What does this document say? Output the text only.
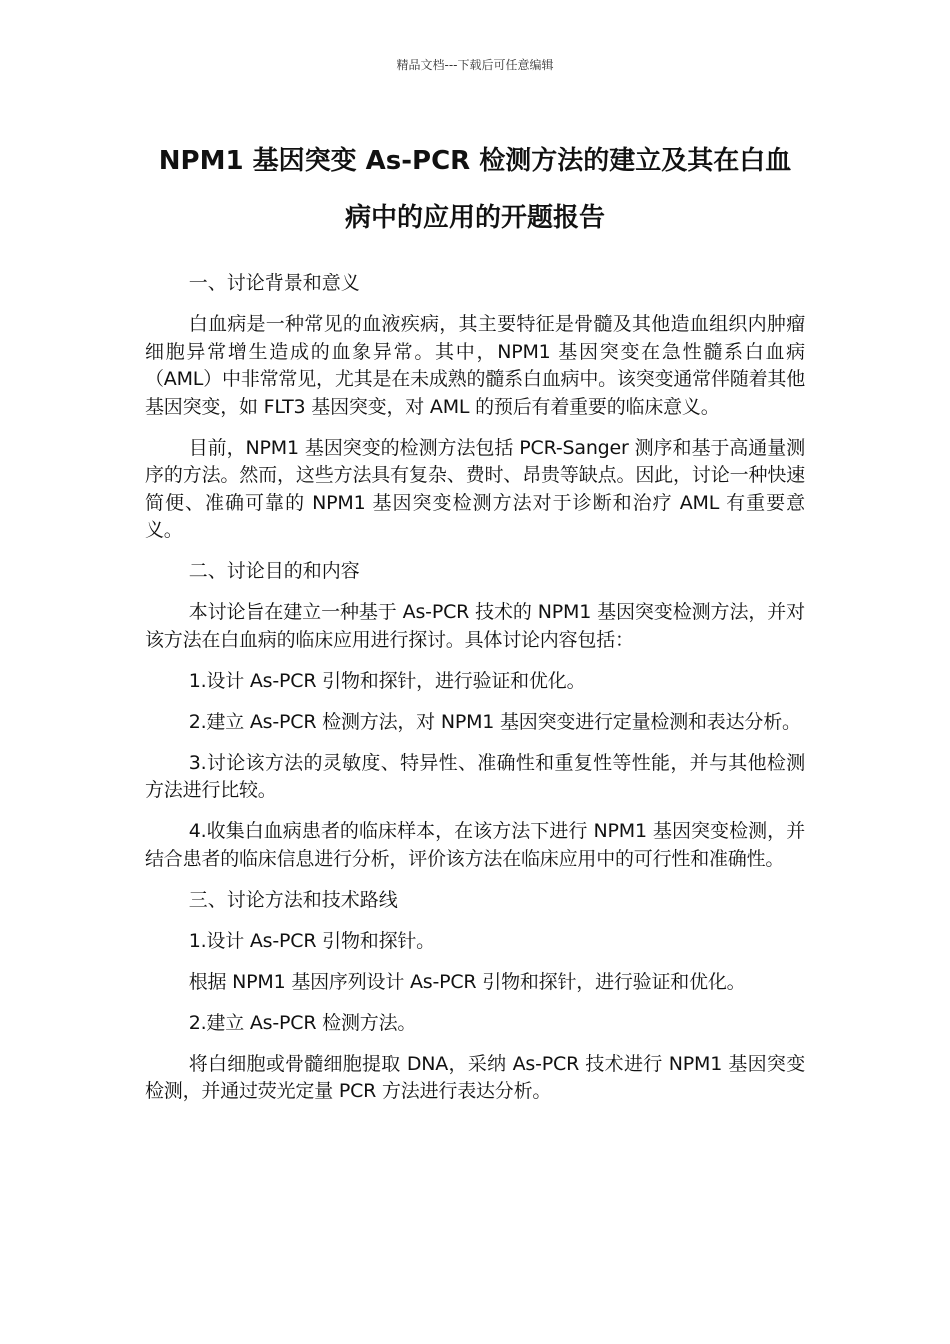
精品文档---下载后可任意编辑
NPM1 基因突变 As-PCR 检测方法的建立及其在白血
病中的应用的开题报告

一、讨论背景和意义

白血病是一种常见的血液疾病，其主要特征是骨髓及其他造血组织内肿瘤细胞异常增生造成的血象异常。其中，NPM1 基因突变在急性髓系白血病（AML）中非常常见，尤其是在未成熟的髓系白血病中。该突变通常伴随着其他基因突变，如 FLT3 基因突变，对 AML 的预后有着重要的临床意义。

目前，NPM1 基因突变的检测方法包括 PCR-Sanger 测序和基于高通量测序的方法。然而，这些方法具有复杂、费时、昂贵等缺点。因此，讨论一种快速简便、准确可靠的 NPM1 基因突变检测方法对于诊断和治疗 AML 有重要意义。

二、讨论目的和内容

本讨论旨在建立一种基于 As-PCR 技术的 NPM1 基因突变检测方法，并对该方法在白血病的临床应用进行探讨。具体讨论内容包括：

1.设计 As-PCR 引物和探针，进行验证和优化。

2.建立 As-PCR 检测方法，对 NPM1 基因突变进行定量检测和表达分析。

3.讨论该方法的灵敏度、特异性、准确性和重复性等性能，并与其他检测方法进行比较。

4.收集白血病患者的临床样本，在该方法下进行 NPM1 基因突变检测，并结合患者的临床信息进行分析，评价该方法在临床应用中的可行性和准确性。

三、讨论方法和技术路线

1.设计 As-PCR 引物和探针。

根据 NPM1 基因序列设计 As-PCR 引物和探针，进行验证和优化。

2.建立 As-PCR 检测方法。

将白细胞或骨髓细胞提取 DNA，采纳 As-PCR 技术进行 NPM1 基因突变检测，并通过荧光定量 PCR 方法进行表达分析。
